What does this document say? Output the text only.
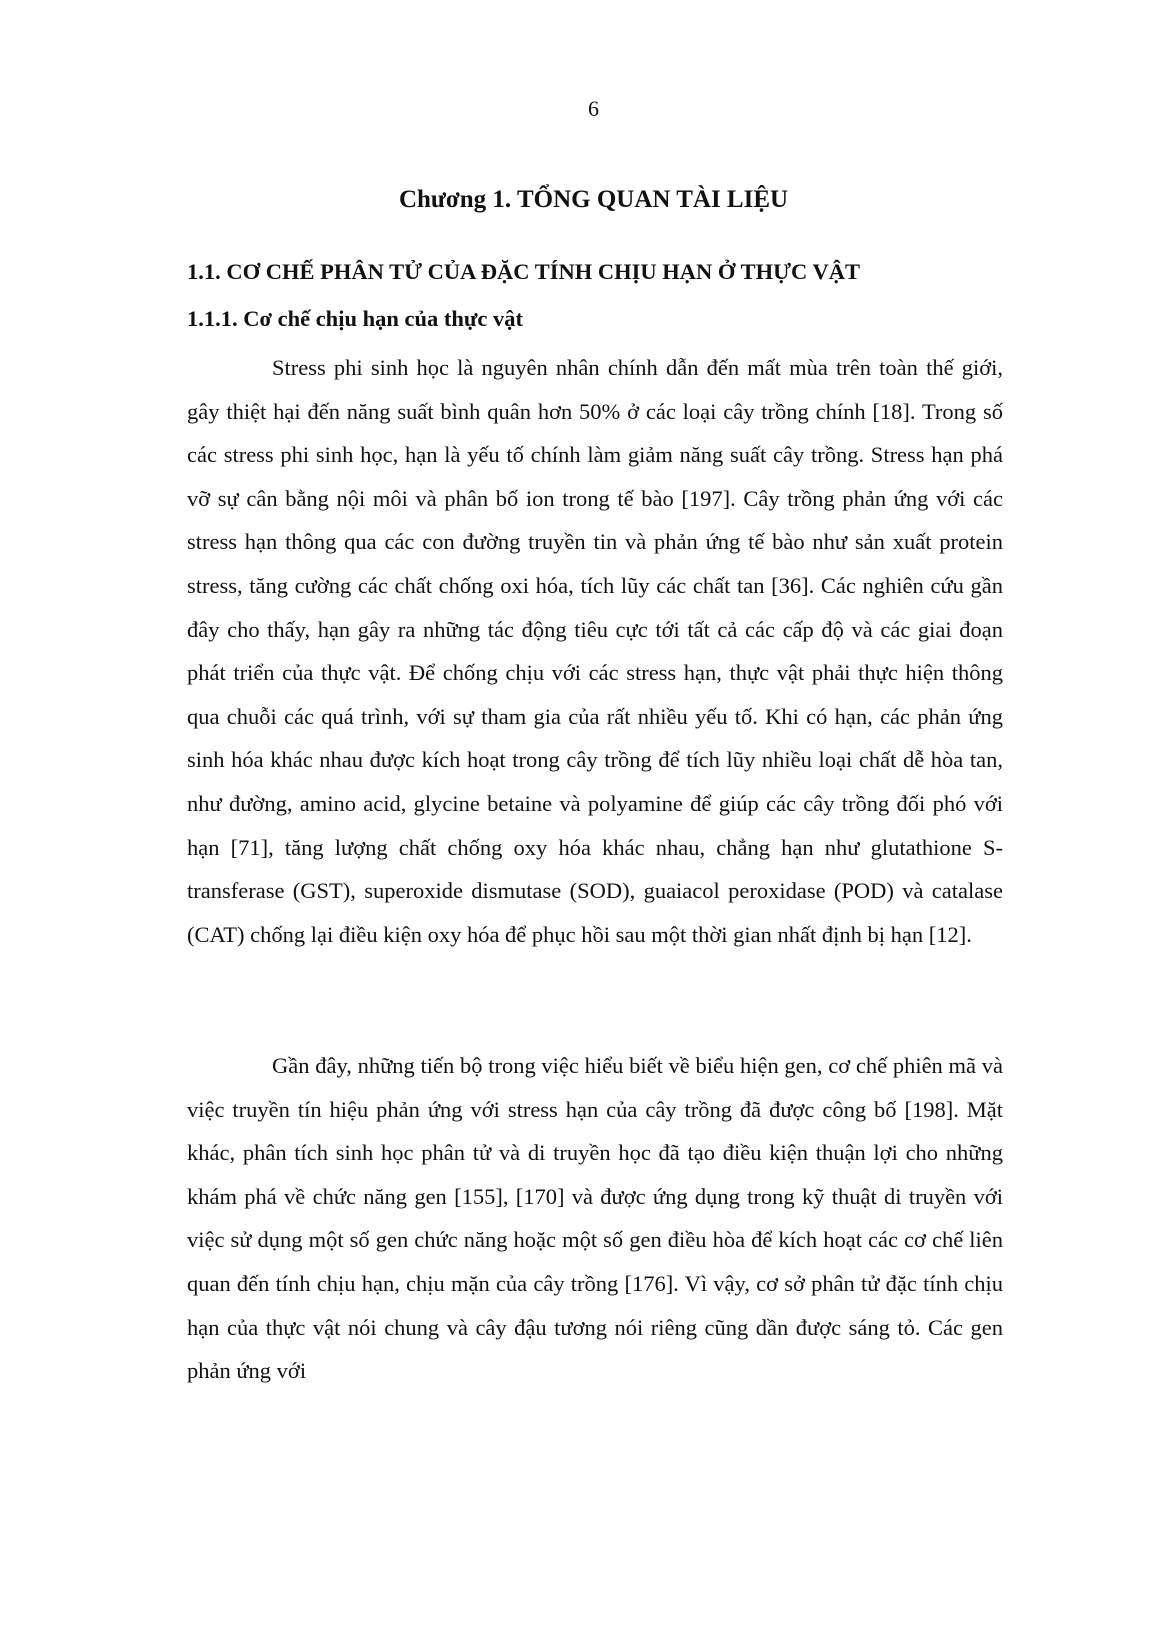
6
Chương 1. TỔNG QUAN TÀI LIỆU
1.1. CƠ CHẾ PHÂN TỬ CỦA ĐẶC TÍNH CHỊU HẠN Ở THỰC VẬT
1.1.1. Cơ chế chịu hạn của thực vật

Stress phi sinh học là nguyên nhân chính dẫn đến mất mùa trên toàn thế giới, gây thiệt hại đến năng suất bình quân hơn 50% ở các loại cây trồng chính [18]. Trong số các stress phi sinh học, hạn là yếu tố chính làm giảm năng suất cây trồng. Stress hạn phá vỡ sự cân bằng nội môi và phân bố ion trong tế bào [197]. Cây trồng phản ứng với các stress hạn thông qua các con đường truyền tin và phản ứng tế bào như sản xuất protein stress, tăng cường các chất chống oxi hóa, tích lũy các chất tan [36]. Các nghiên cứu gần đây cho thấy, hạn gây ra những tác động tiêu cực tới tất cả các cấp độ và các giai đoạn phát triển của thực vật. Để chống chịu với các stress hạn, thực vật phải thực hiện thông qua chuỗi các quá trình, với sự tham gia của rất nhiều yếu tố. Khi có hạn, các phản ứng sinh hóa khác nhau được kích hoạt trong cây trồng để tích lũy nhiều loại chất dễ hòa tan, như đường, amino acid, glycine betaine và polyamine để giúp các cây trồng đối phó với hạn [71], tăng lượng chất chống oxy hóa khác nhau, chẳng hạn như glutathione S-transferase (GST), superoxide dismutase (SOD), guaiacol peroxidase (POD) và catalase (CAT) chống lại điều kiện oxy hóa để phục hồi sau một thời gian nhất định bị hạn [12].

Gần đây, những tiến bộ trong việc hiểu biết về biểu hiện gen, cơ chế phiên mã và việc truyền tín hiệu phản ứng với stress hạn của cây trồng đã được công bố [198]. Mặt khác, phân tích sinh học phân tử và di truyền học đã tạo điều kiện thuận lợi cho những khám phá về chức năng gen [155], [170] và được ứng dụng trong kỹ thuật di truyền với việc sử dụng một số gen chức năng hoặc một số gen điều hòa để kích hoạt các cơ chế liên quan đến tính chịu hạn, chịu mặn của cây trồng [176]. Vì vậy, cơ sở phân tử đặc tính chịu hạn của thực vật nói chung và cây đậu tương nói riêng cũng dần được sáng tỏ. Các gen phản ứng với
